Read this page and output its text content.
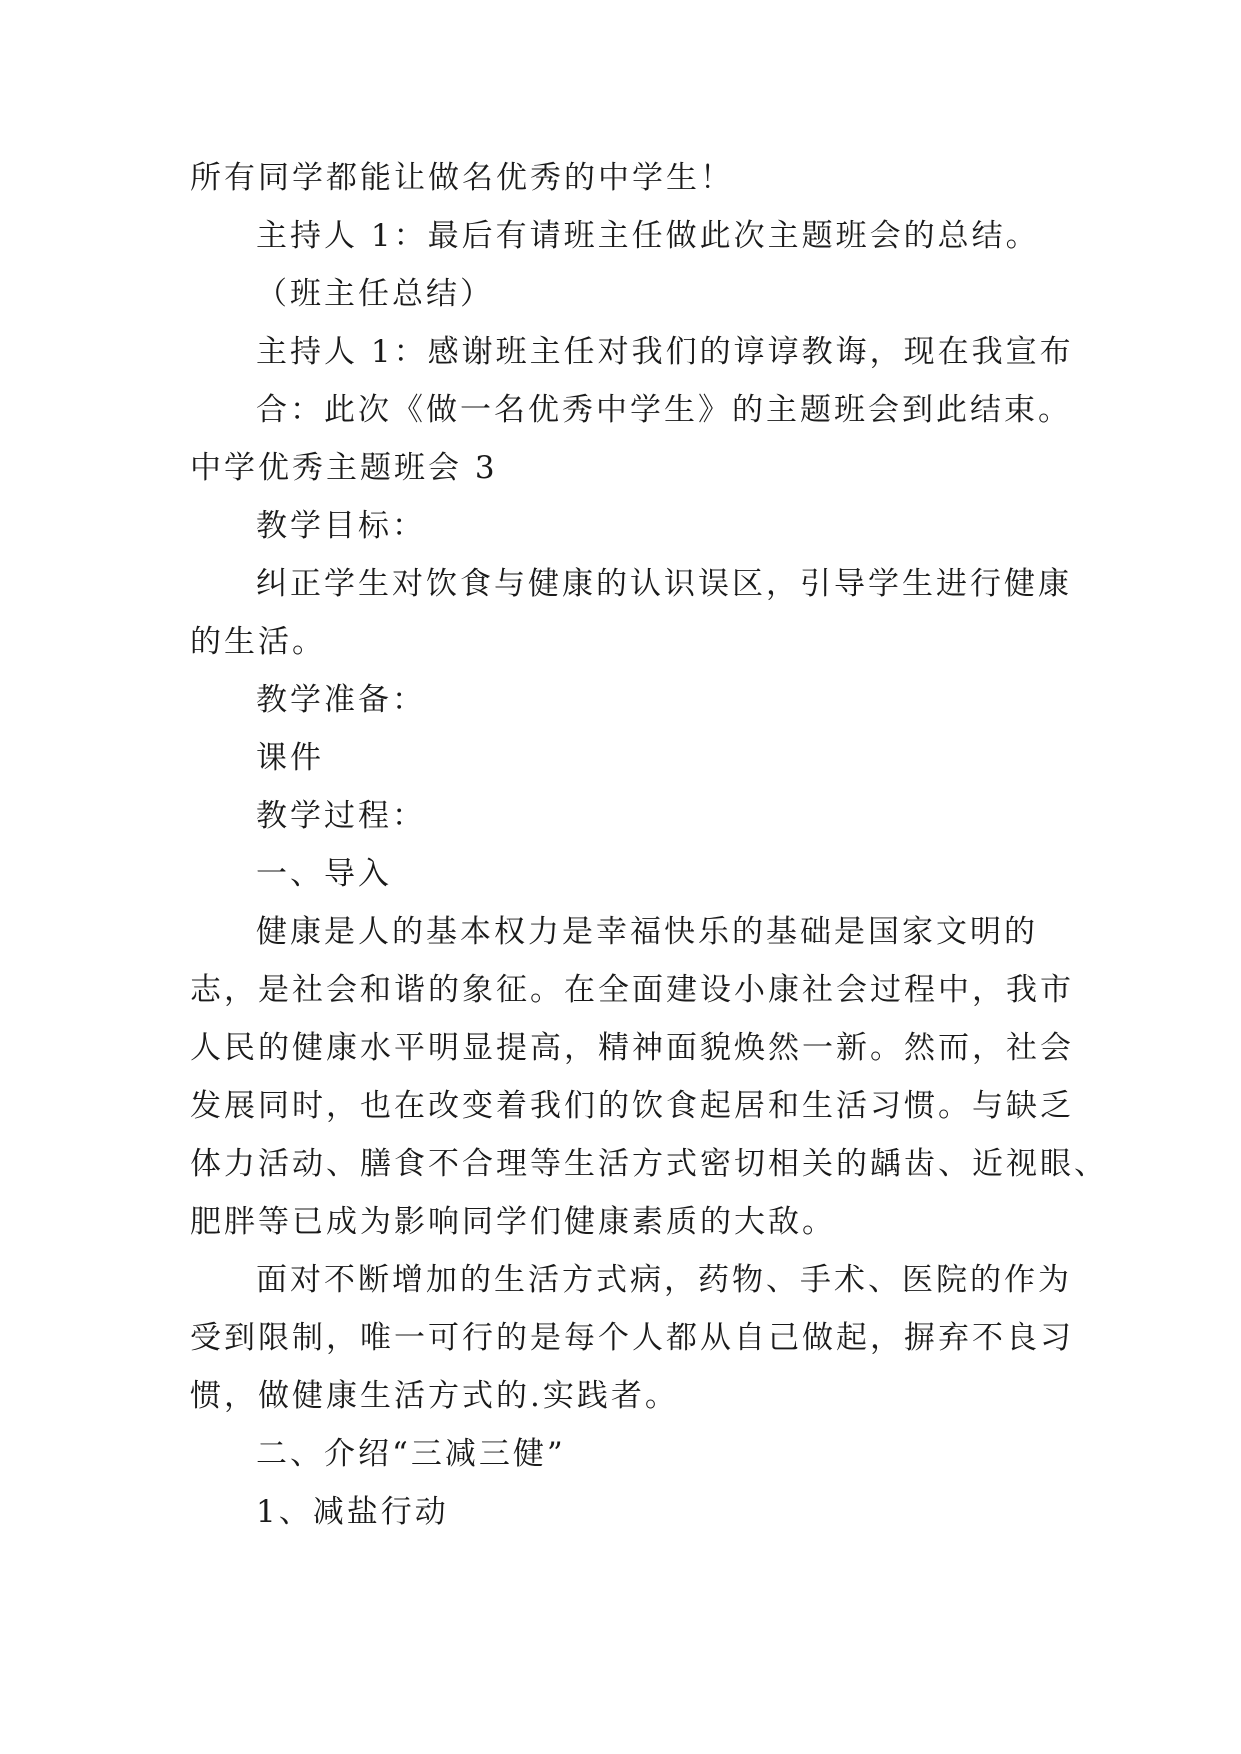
所有同学都能让做名优秀的中学生！
主持人 1：最后有请班主任做此次主题班会的总结。
（班主任总结）
主持人 1：感谢班主任对我们的谆谆教诲，现在我宣布
合：此次《做一名优秀中学生》的主题班会到此结束。
中学优秀主题班会 3
教学目标：
纠正学生对饮食与健康的认识误区，引导学生进行健康
的生活。
教学准备：
课件
教学过程：
一、导入
健康是人的基本权力是幸福快乐的基础是国家文明的
志，是社会和谐的象征。在全面建设小康社会过程中，我市
人民的健康水平明显提高，精神面貌焕然一新。然而，社会
发展同时，也在改变着我们的饮食起居和生活习惯。与缺乏
体力活动、膳食不合理等生活方式密切相关的龋齿、近视眼、
肥胖等已成为影响同学们健康素质的大敌。
面对不断增加的生活方式病，药物、手术、医院的作为
受到限制，唯一可行的是每个人都从自己做起，摒弃不良习
惯，做健康生活方式的.实践者。
二、介绍“三减三健”
1、减盐行动
